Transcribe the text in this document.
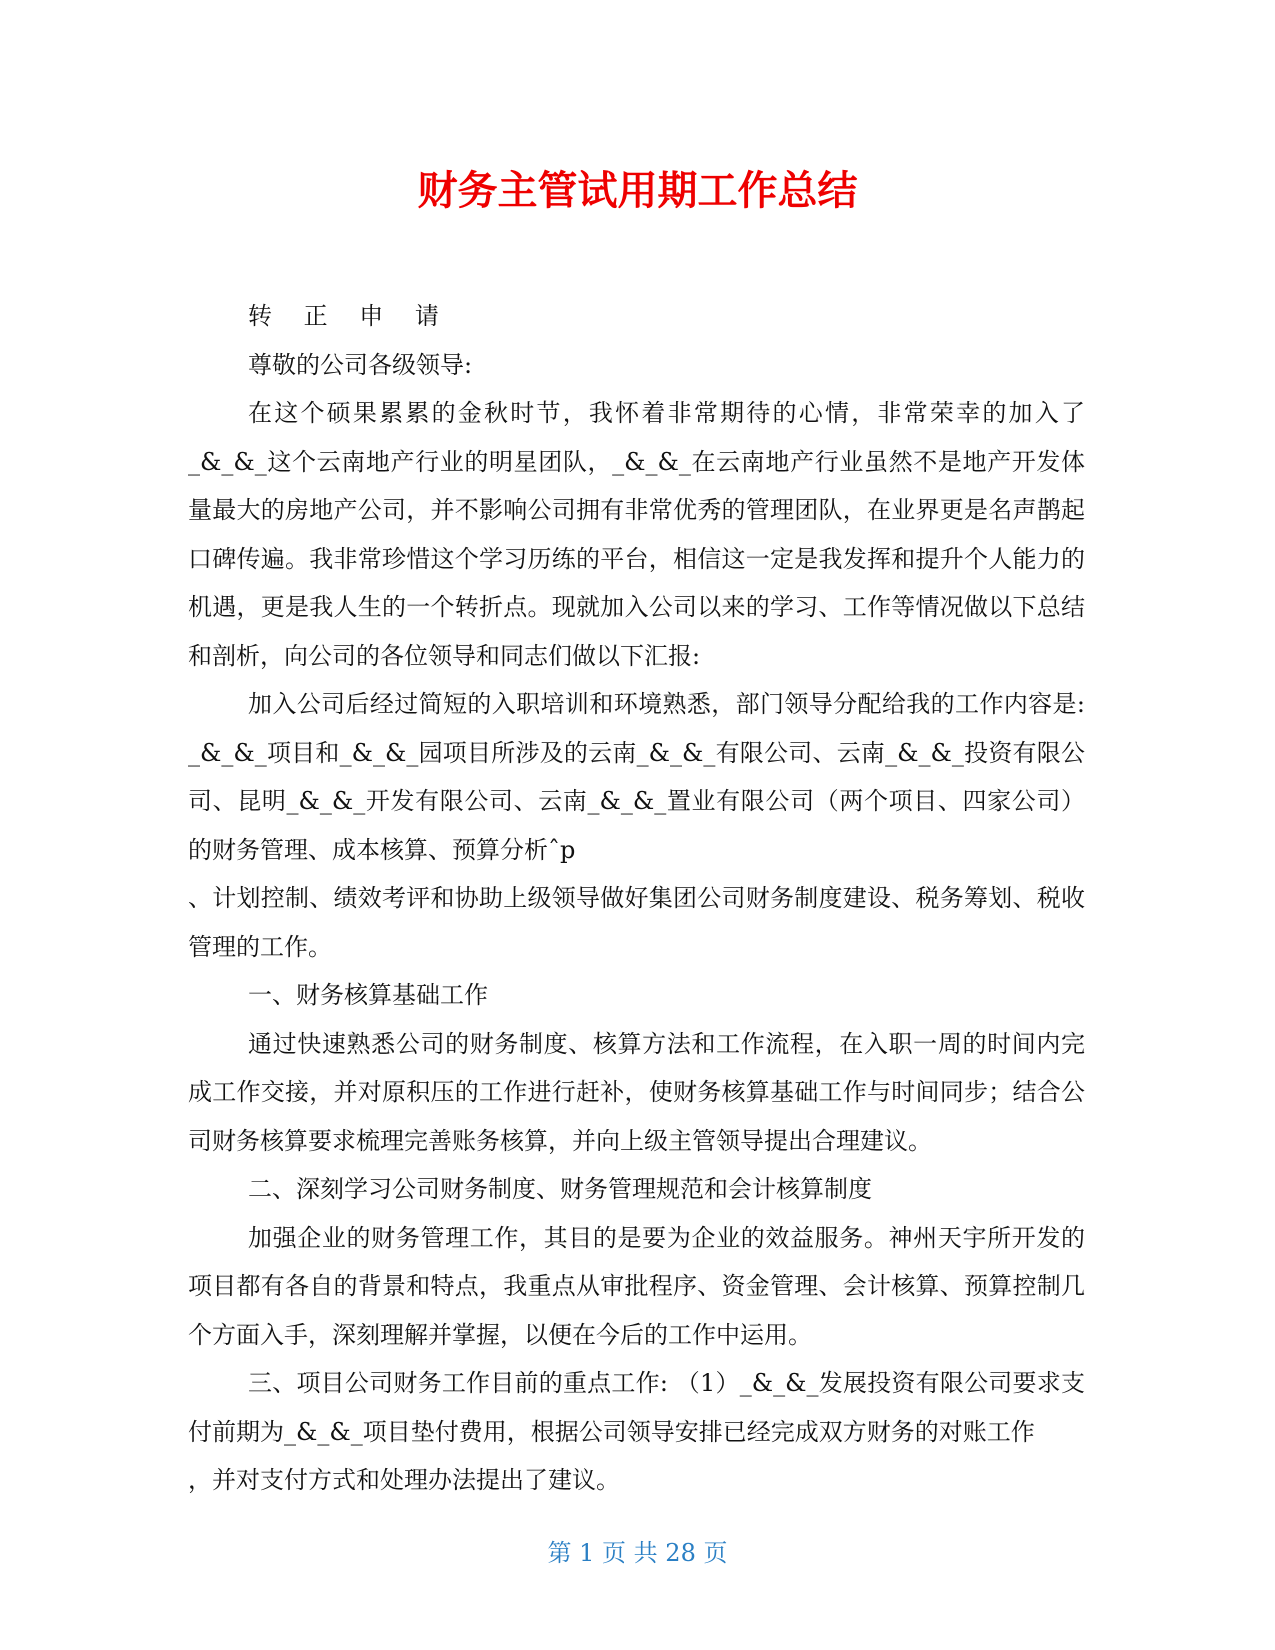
财务主管试用期工作总结

转 正 申 请

尊敬的公司各级领导:

在这个硕果累累的金秋时节，我怀着非常期待的心情，非常荣幸的加入了_&_&_这个云南地产行业的明星团队，_&_&_在云南地产行业虽然不是地产开发体量最大的房地产公司，并不影响公司拥有非常优秀的管理团队，在业界更是名声鹊起口碑传遍。我非常珍惜这个学习历练的平台，相信这一定是我发挥和提升个人能力的机遇，更是我人生的一个转折点。现就加入公司以来的学习、工作等情况做以下总结和剖析，向公司的各位领导和同志们做以下汇报:

加入公司后经过简短的入职培训和环境熟悉，部门领导分配给我的工作内容是: _&_&_项目和_&_&_园项目所涉及的云南_&_&_有限公司、云南_&_&_投资有限公司、昆明_&_&_开发有限公司、云南_&_&_置业有限公司（两个项目、四家公司）的财务管理、成本核算、预算分析ˆp

、计划控制、绩效考评和协助上级领导做好集团公司财务制度建设、税务筹划、税收管理的工作。

一、财务核算基础工作

通过快速熟悉公司的财务制度、核算方法和工作流程，在入职一周的时间内完成工作交接，并对原积压的工作进行赶补，使财务核算基础工作与时间同步；结合公司财务核算要求梳理完善账务核算，并向上级主管领导提出合理建议。

二、深刻学习公司财务制度、财务管理规范和会计核算制度

加强企业的财务管理工作，其目的是要为企业的效益服务。神州天宇所开发的项目都有各自的背景和特点，我重点从审批程序、资金管理、会计核算、预算控制几个方面入手，深刻理解并掌握，以便在今后的工作中运用。

三、项目公司财务工作目前的重点工作: （1）_&_&_发展投资有限公司要求支付前期为_&_&_项目垫付费用，根据公司领导安排已经完成双方财务的对账工作

，并对支付方式和处理办法提出了建议。

第 1 页 共 28 页
